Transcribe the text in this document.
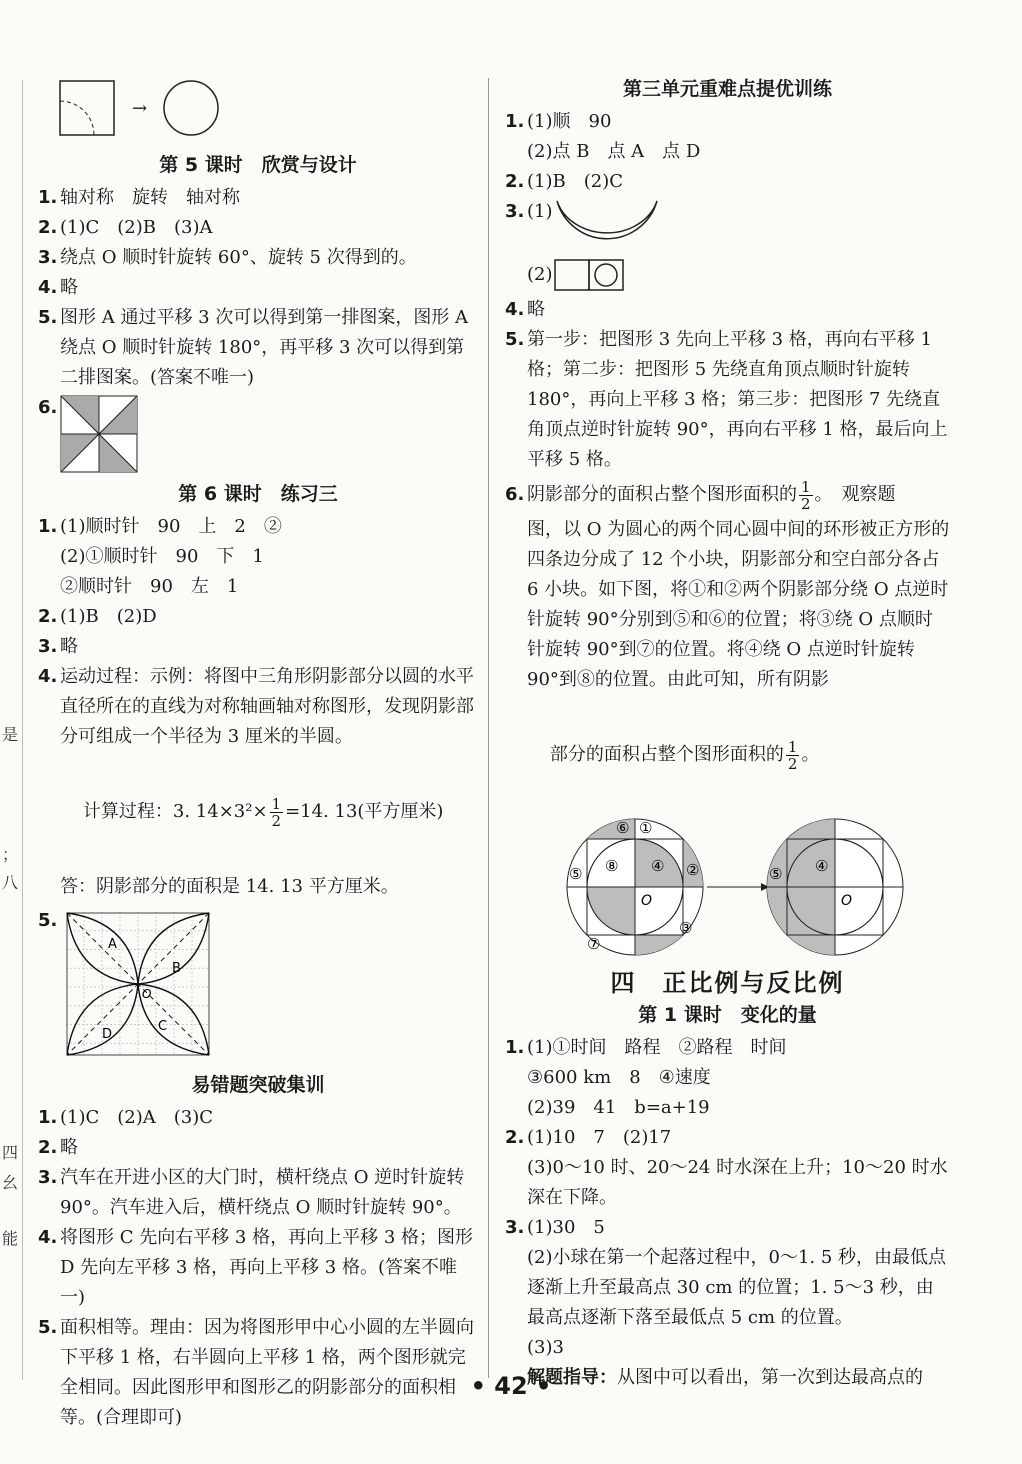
是
；
八
四
幺
能
→
第 5 课时　欣赏与设计
1. 轴对称　旋转　轴对称
2. (1)C　(2)B　(3)A
3. 绕点 O 顺时针旋转 60°、旋转 5 次得到的。
4. 略
5. 图形 A 通过平移 3 次可以得到第一排图案，图形 A 绕点 O 顺时针旋转 180°，再平移 3 次可以得到第二排图案。(答案不唯一)
6.
第 6 课时　练习三
1. (1)顺时针　90　上　2　②
(2)①顺时针　90　下　1
②顺时针　90　左　1
2. (1)B　(2)D
3. 略
4. 运动过程：示例：将图中三角形阴影部分以圆的水平直径所在的直线为对称轴画轴对称图形，发现阴影部分可组成一个半径为 3 厘米的半圆。

计算过程：3. $14\times 3^2\times \frac{1}{2} =14$. 13(平方厘米)

答：阴影部分的面积是 14. 13 平方厘米。
5.
A
B
C
D
O
易错题突破集训
1. (1)C　(2)A　(3)C
2. 略
3. 汽车在开进小区的大门时，横杆绕点 O 逆时针旋转 90°。汽车进入后，横杆绕点 O 顺时针旋转 90°。
4. 将图形 C 先向右平移 3 格，再向上平移 3 格；图形 D 先向左平移 3 格，再向上平移 3 格。(答案不唯一)
5. 面积相等。理由：因为将图形甲中心小圆的左半圆向下平移 1 格，右半圆向上平移 1 格，两个图形就完全相同。因此图形甲和图形乙的阴影部分的面积相等。(合理即可)
第三单元重难点提优训练
1. (1)顺　90
(2)点 B　点 A　点 D
2. (1)B　(2)C
3. (1)
(2)
4. 略
5. 第一步：把图形 3 先向上平移 3 格，再向右平移 1 格；第二步：把图形 5 先绕直角顶点顺时针旋转 180°，再向上平移 3 格；第三步：把图形 7 先绕直角顶点逆时针旋转 90°，再向右平移 1 格，最后向上平移 5 格。
6. 阴影部分的面积占整个图形面积的 $\frac{1}{2}$ 。　观察题
图，以 O 为圆心的两个同心圆中间的环形被正方形的四条边分成了 12 个小块，阴影部分和空白部分各占 6 小块。如下图，将①和②两个阴影部分绕 O 点逆时针旋转 90°分别到⑤和⑥的位置；将③绕 O 点顺时针旋转 90°到⑦的位置。将④绕 O 点逆时针旋转 90°到⑧的位置。由此可知，所有阴影

部分的面积占整个图形面积的 $\frac{1}{2}$ 。

⑥ ①
②
⑤ ⑧ ④
③
⑦
O
⑤ ④
O
四　正比例与反比例
第 1 课时　变化的量
1. (1)①时间　路程　②路程　时间
③600 km　8　④速度
(2)39　41　b=a+19
2. (1)10　7　(2)17
(3)0～10 时、20～24 时水深在上升；10～20 时水深在下降。
3. (1)30　5
(2)小球在第一个起落过程中，0～1. 5 秒，由最低点逐渐上升至最高点 30 cm 的位置；1. 5～3 秒，由最高点逐渐下落至最低点 5 cm 的位置。
(3)3
解题指导：从图中可以看出，第一次到达最高点的
• 42 •
